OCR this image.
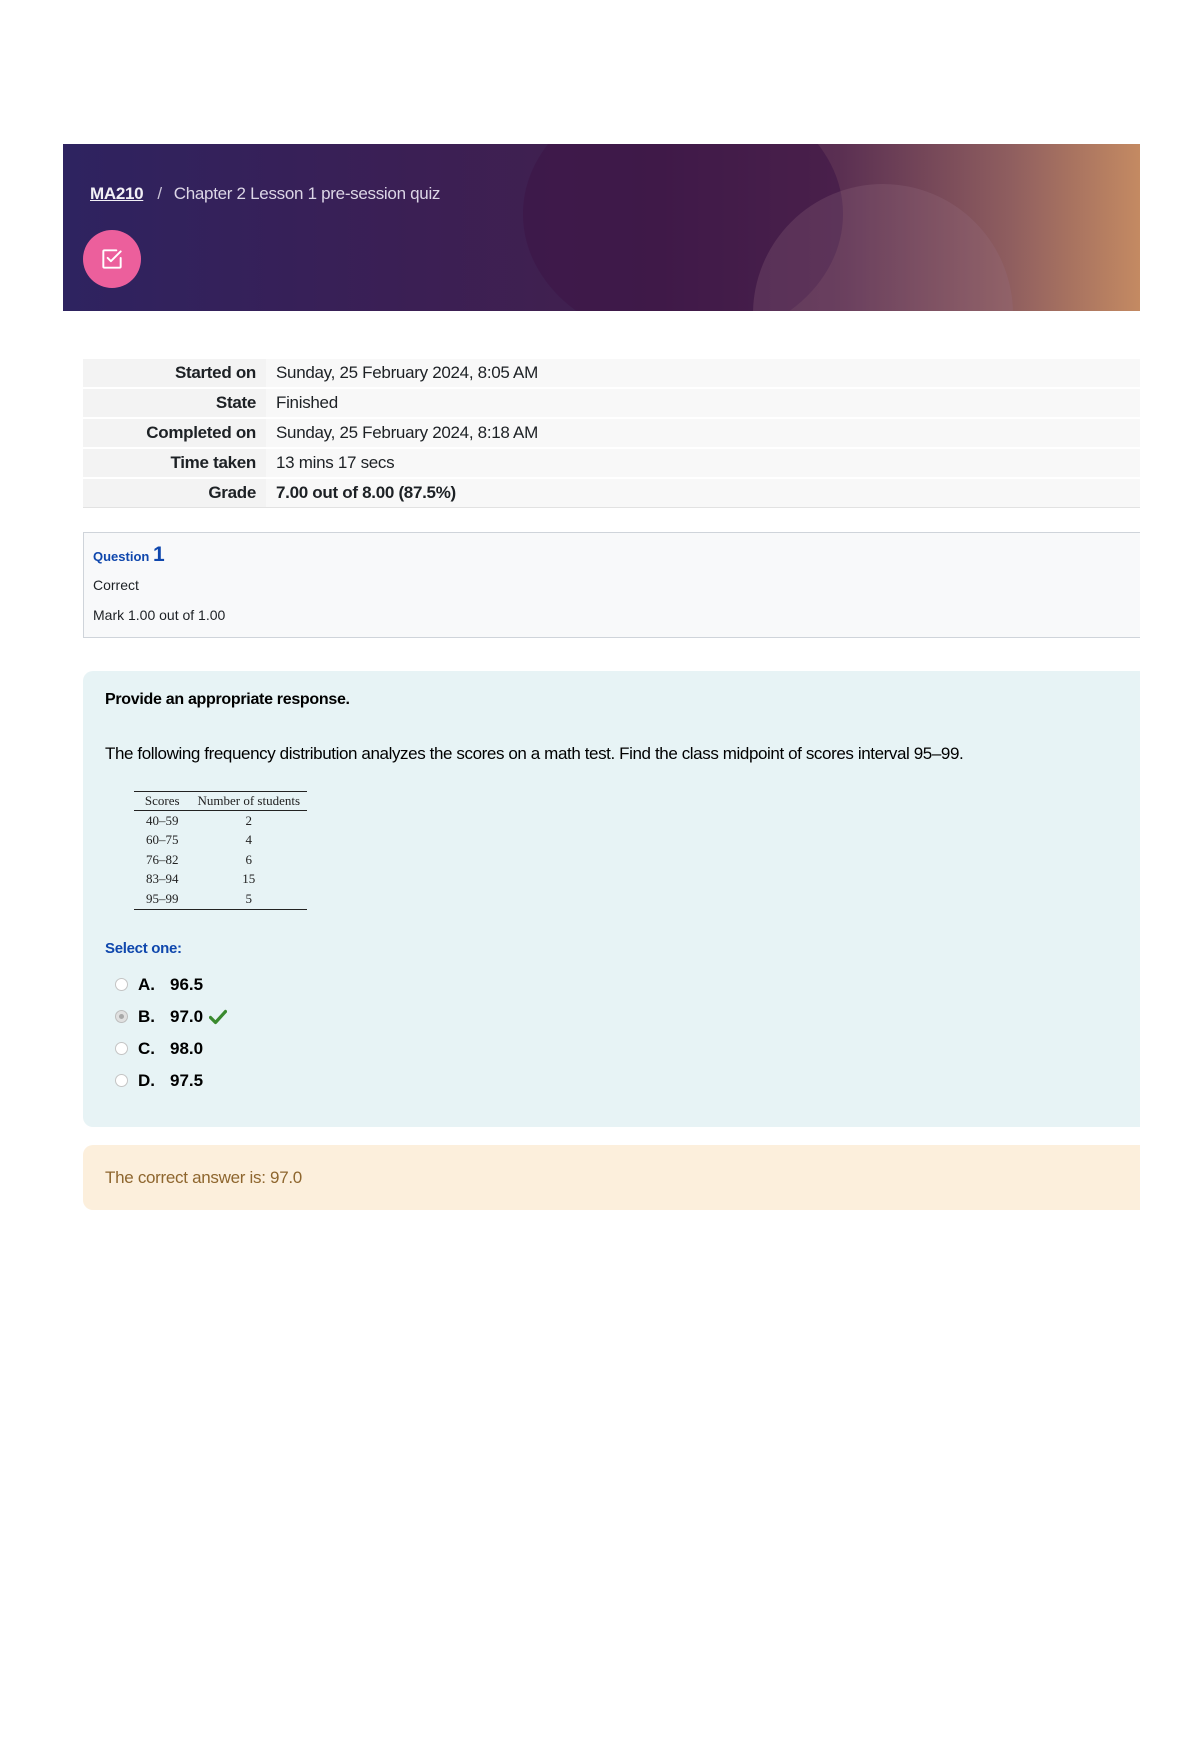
MA210 / Chapter 2 Lesson 1 pre-session quiz
Started on	Sunday, 25 February 2024, 8:05 AM
State	Finished
Completed on	Sunday, 25 February 2024, 8:18 AM
Time taken	13 mins 17 secs
Grade	7.00 out of 8.00 (87.5%)
Question 1
Correct
Mark 1.00 out of 1.00
Provide an appropriate response.
The following frequency distribution analyzes the scores on a math test. Find the class midpoint of scores interval 95–99.
Scores	Number of students
40–59	2
60–75	4
76–82	6
83–94	15
95–99	5
Select one:
A. 96.5
B. 97.0
C. 98.0
D. 97.5
The correct answer is: 97.0
